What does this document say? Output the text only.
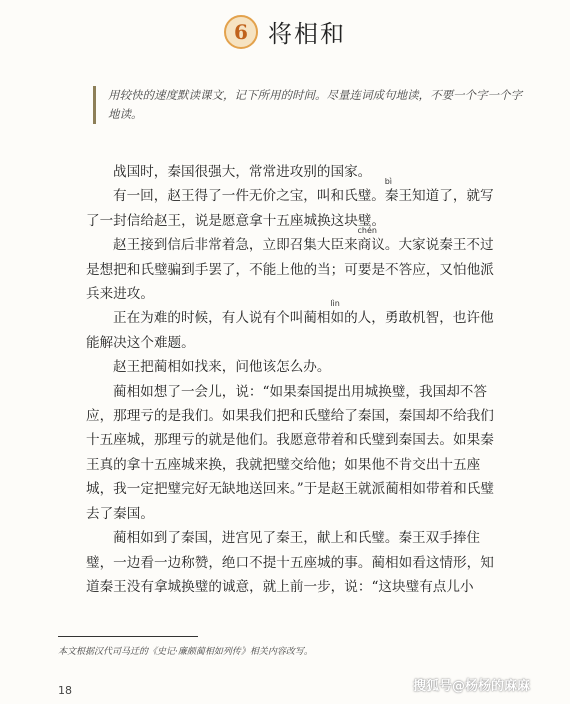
6 将相和
用较快的速度默读课文，记下所用的时间。尽量连词成句地读，不要一个字一个字地读。

战国时，秦国很强大，常常进攻别的国家。

有一回，赵王得了一件无价之宝，叫和氏
bì
璧。秦王知道了，就写了一封信给赵王，说是愿意拿十五座城换这块璧。

赵王接到信后非常着急，立即召集大
chén
臣来商议。大家说秦王不过是想把和氏璧骗到手罢了，不能上他的当；可要是不答应，又怕他派兵来进攻。

正在为难的时候，有人说有个叫
lìn
蔺相如的人，勇敢机智，也许他能解决这个难题。

赵王把蔺相如找来，问他该怎么办。

蔺相如想了一会儿，说：“如果秦国提出用城换璧，我国却不答应，那理亏的是我们。如果我们把和氏璧给了秦国，秦国却不给我们十五座城，那理亏的就是他们。我愿意带着和氏璧到秦国去。如果秦王真的拿十五座城来换，我就把璧交给他；如果他不肯交出十五座城，我一定把璧完好无缺地送回来。”于是赵王就派蔺相如带着和氏璧去了秦国。

蔺相如到了秦国，进宫见了秦王，献上和氏璧。秦王双手捧住璧，一边看一边称赞，绝口不提十五座城的事。蔺相如看这情形，知道秦王没有拿城换璧的诚意，就上前一步，说：“这块璧有点儿小

本文根据汉代司马迁的《史记·廉颇蔺相如列传》相关内容改写。
18	搜狐号@杨杨的麻麻
